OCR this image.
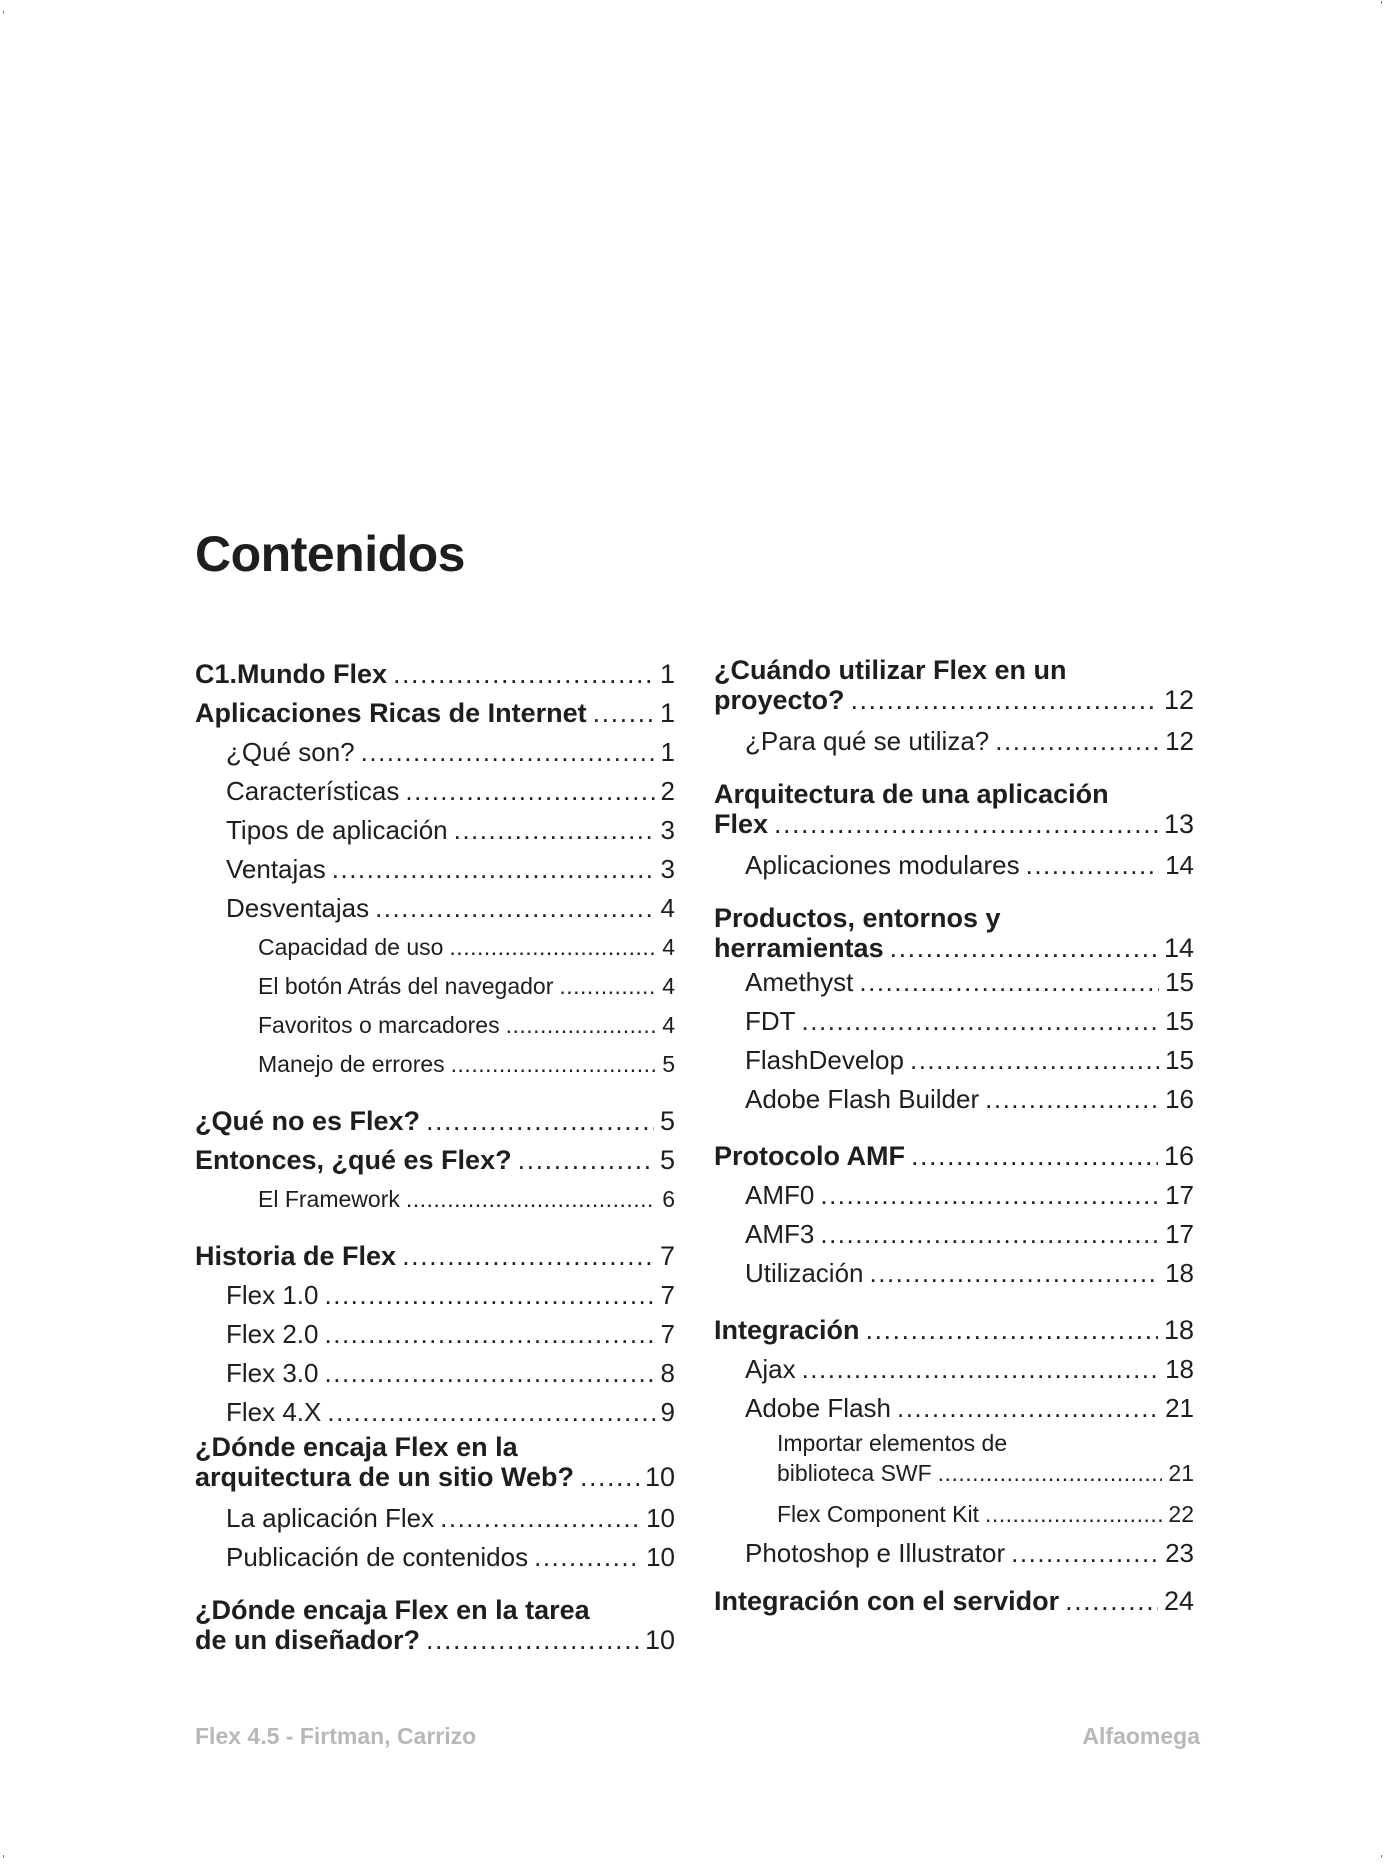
'
'
'	'
Contenidos
C1.Mundo Flex .....	1
Aplicaciones Ricas de Internet .....	1
¿Qué son? .....	1
Características .....	2
Tipos de aplicación .....	3
Ventajas .....	3
Desventajas .....	4
Capacidad de uso .....	4
El botón Atrás del navegador .....	4
Favoritos o marcadores .....	4
Manejo de errores .....	5
¿Qué no es Flex? .....	5
Entonces, ¿qué es Flex? .....	5
El Framework .....	6
Historia de Flex .....	7
Flex 1.0 .....	7
Flex 2.0 .....	7
Flex 3.0 .....	8
Flex 4.X .....	9
¿Dónde encaja Flex en la
arquitectura de un sitio Web? .....	10
La aplicación Flex .....	10
Publicación de contenidos .....	10
¿Dónde encaja Flex en la tarea
de un diseñador? .....	10
¿Cuándo utilizar Flex en un
proyecto? .....	12
¿Para qué se utiliza? .....	12
Arquitectura de una aplicación
Flex .....	13
Aplicaciones modulares .....	14
Productos, entornos y
herramientas .....	14
Amethyst .....	15
FDT .....	15
FlashDevelop .....	15
Adobe Flash Builder .....	16
Protocolo AMF .....	16
AMF0 .....	17
AMF3 .....	17
Utilización .....	18
Integración .....	18
Ajax .....	18
Adobe Flash .....	21
Importar elementos de
biblioteca SWF .....	21
Flex Component Kit .....	22
Photoshop e Illustrator .....	23
Integración con el servidor .....	24
Flex 4.5 - Firtman, Carrizo	Alfaomega
